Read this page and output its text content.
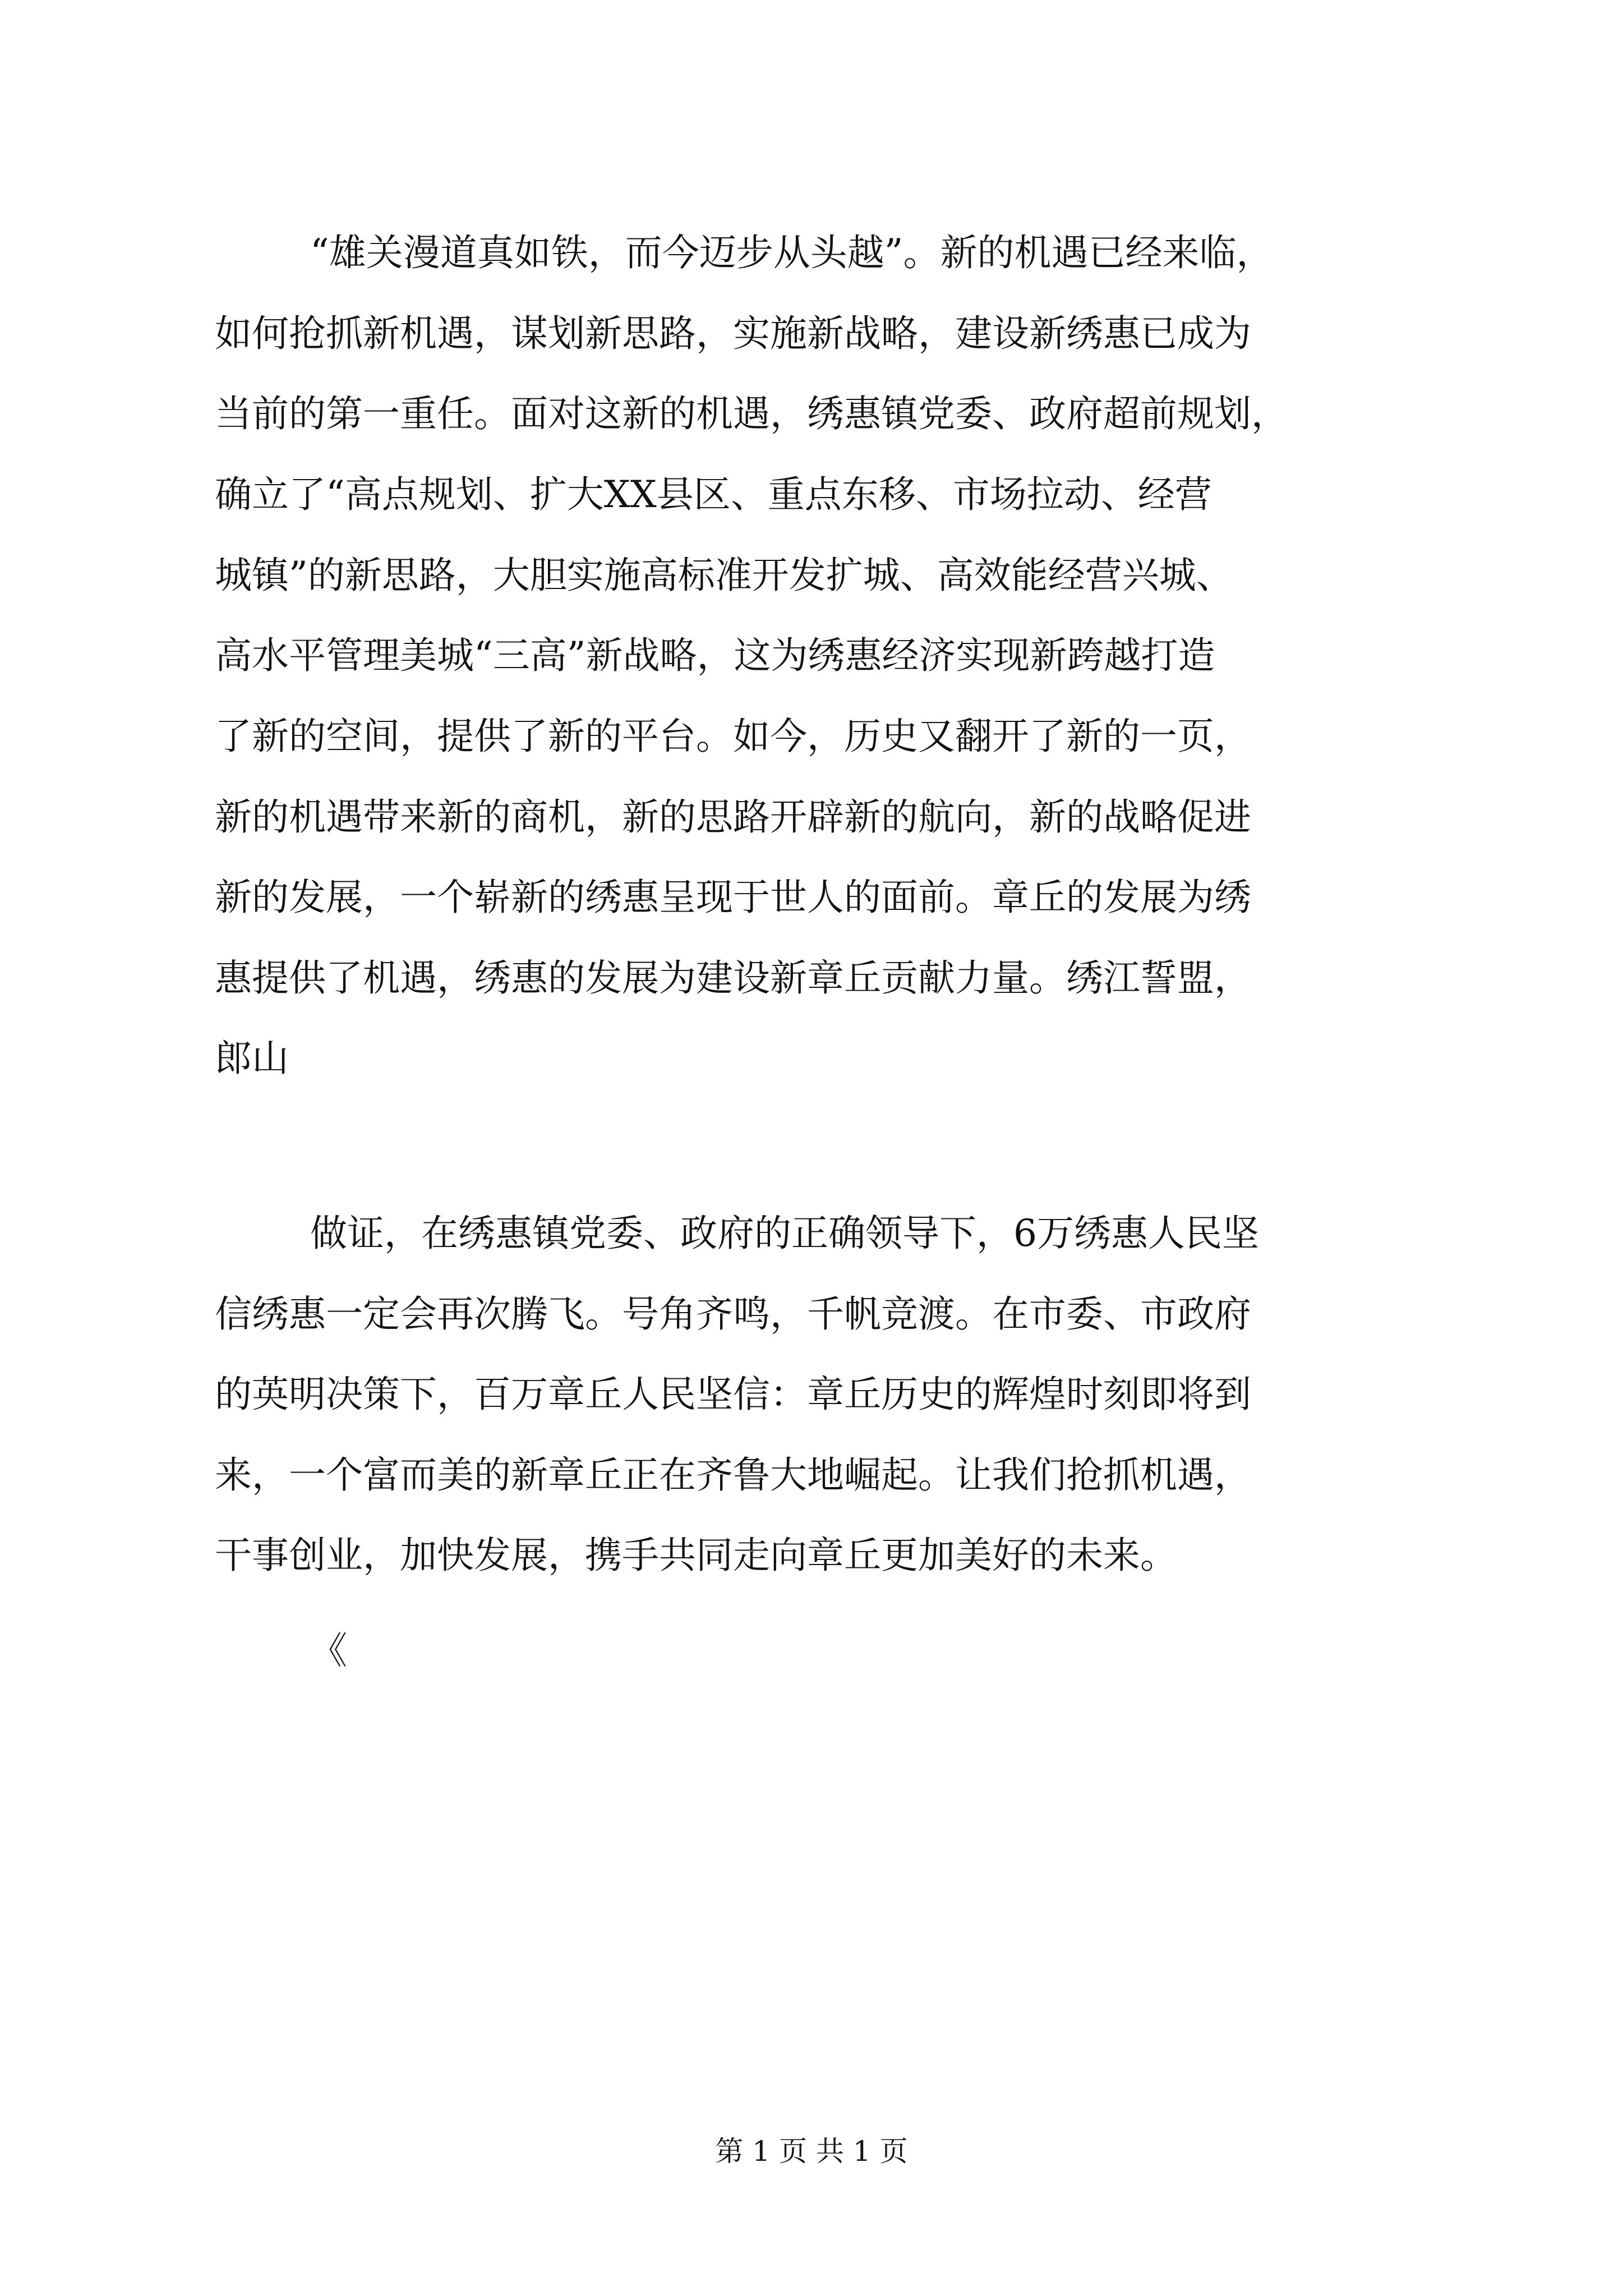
“雄关漫道真如铁，而今迈步从头越”。新的机遇已经来临，

如何抢抓新机遇，谋划新思路，实施新战略，建设新绣惠已成为

当前的第一重任。面对这新的机遇，绣惠镇党委、政府超前规划，

确立了“高点规划、扩大XX县区、重点东移、市场拉动、经营

城镇”的新思路，大胆实施高标准开发扩城、高效能经营兴城、

高水平管理美城“三高”新战略，这为绣惠经济实现新跨越打造

了新的空间，提供了新的平台。如今，历史又翻开了新的一页，

新的机遇带来新的商机，新的思路开辟新的航向，新的战略促进

新的发展，一个崭新的绣惠呈现于世人的面前。章丘的发展为绣

惠提供了机遇，绣惠的发展为建设新章丘贡献力量。绣江誓盟，

郎山

做证，在绣惠镇党委、政府的正确领导下，6万绣惠人民坚

信绣惠一定会再次腾飞。号角齐鸣，千帆竞渡。在市委、市政府

的英明决策下，百万章丘人民坚信：章丘历史的辉煌时刻即将到

来，一个富而美的新章丘正在齐鲁大地崛起。让我们抢抓机遇，

干事创业，加快发展，携手共同走向章丘更加美好的未来。

《

第 1 页 共 1 页
